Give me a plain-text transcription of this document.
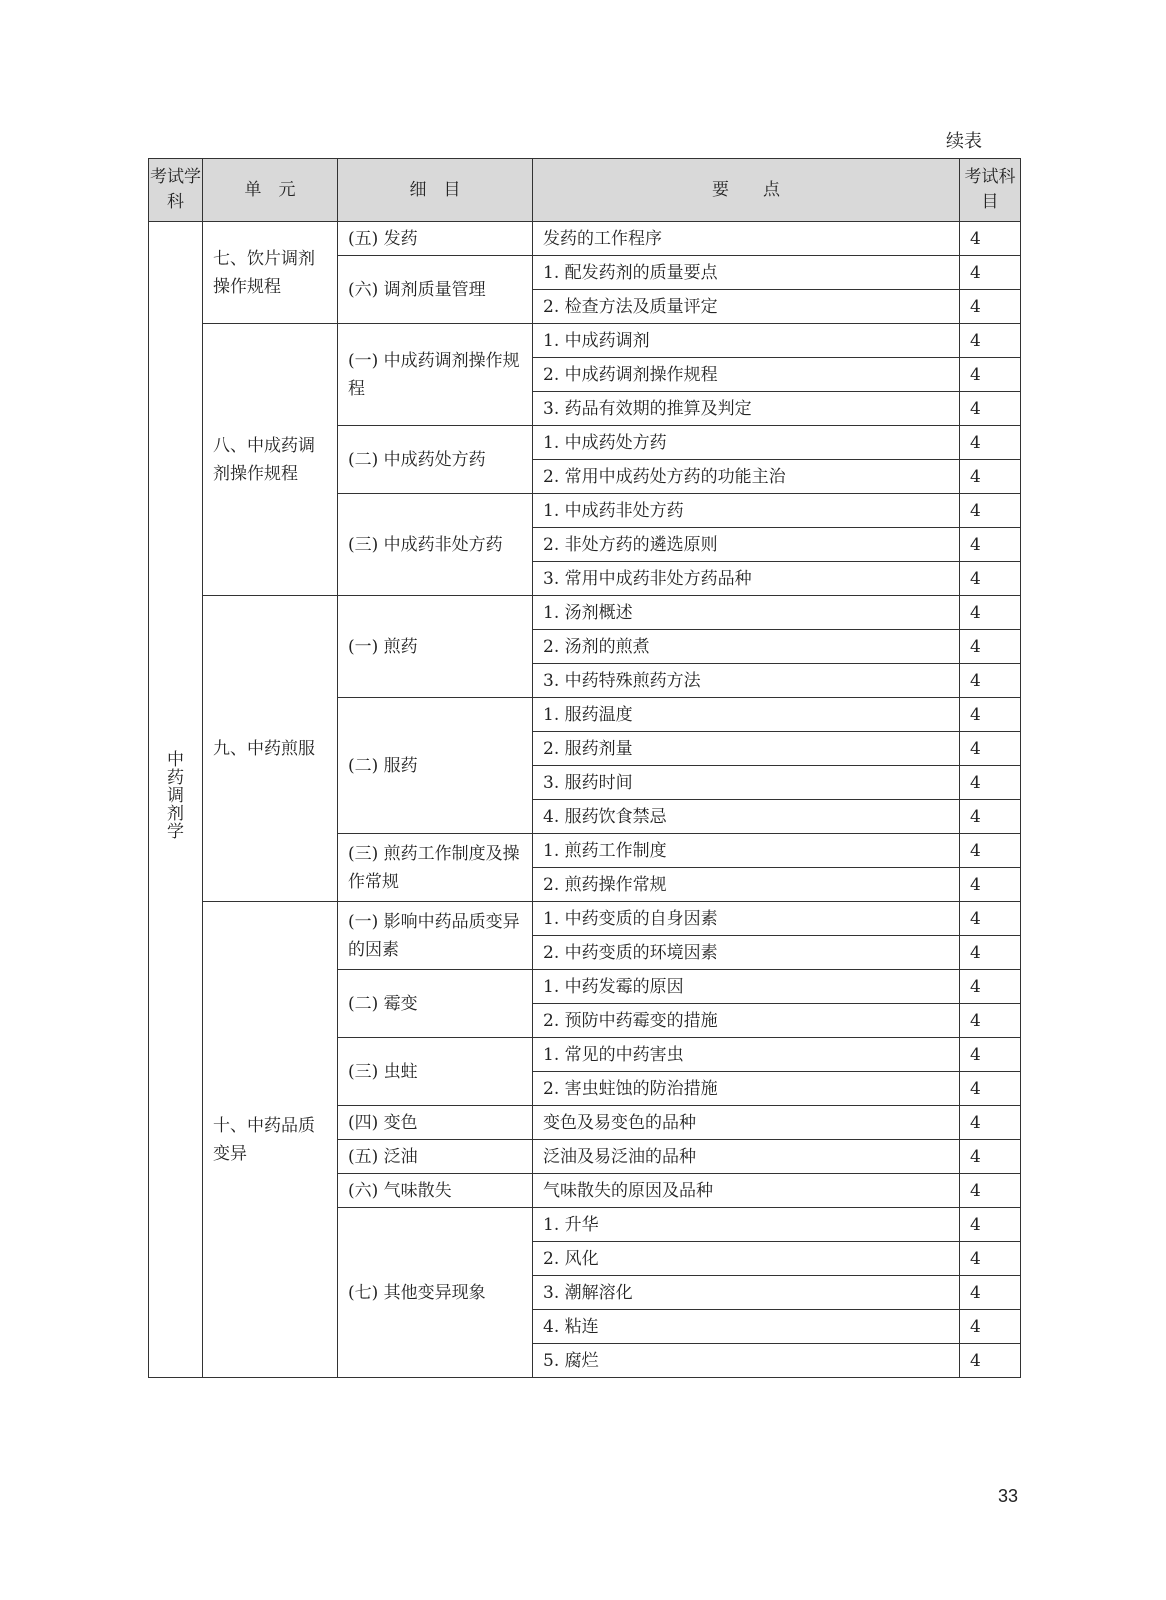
续表
考试学科	单　元	细　目	要　　点	考试科目
中药调剂学	七、饮片调剂操作规程	(五) 发药	发药的工作程序	4
		(六) 调剂质量管理	1. 配发药剂的质量要点	4
			2. 检查方法及质量评定	4
	八、中成药调剂操作规程	(一) 中成药调剂操作规程	1. 中成药调剂	4
			2. 中成药调剂操作规程	4
			3. 药品有效期的推算及判定	4
		(二) 中成药处方药	1. 中成药处方药	4
			2. 常用中成药处方药的功能主治	4
		(三) 中成药非处方药	1. 中成药非处方药	4
			2. 非处方药的遴选原则	4
			3. 常用中成药非处方药品种	4
	九、中药煎服	(一) 煎药	1. 汤剂概述	4
			2. 汤剂的煎煮	4
			3. 中药特殊煎药方法	4
		(二) 服药	1. 服药温度	4
			2. 服药剂量	4
			3. 服药时间	4
			4. 服药饮食禁忌	4
		(三) 煎药工作制度及操作常规	1. 煎药工作制度	4
			2. 煎药操作常规	4
	十、中药品质变异	(一) 影响中药品质变异的因素	1. 中药变质的自身因素	4
			2. 中药变质的环境因素	4
		(二) 霉变	1. 中药发霉的原因	4
			2. 预防中药霉变的措施	4
		(三) 虫蛀	1. 常见的中药害虫	4
			2. 害虫蛀蚀的防治措施	4
		(四) 变色	变色及易变色的品种	4
		(五) 泛油	泛油及易泛油的品种	4
		(六) 气味散失	气味散失的原因及品种	4
		(七) 其他变异现象	1. 升华	4
			2. 风化	4
			3. 潮解溶化	4
			4. 粘连	4
			5. 腐烂	4
33
